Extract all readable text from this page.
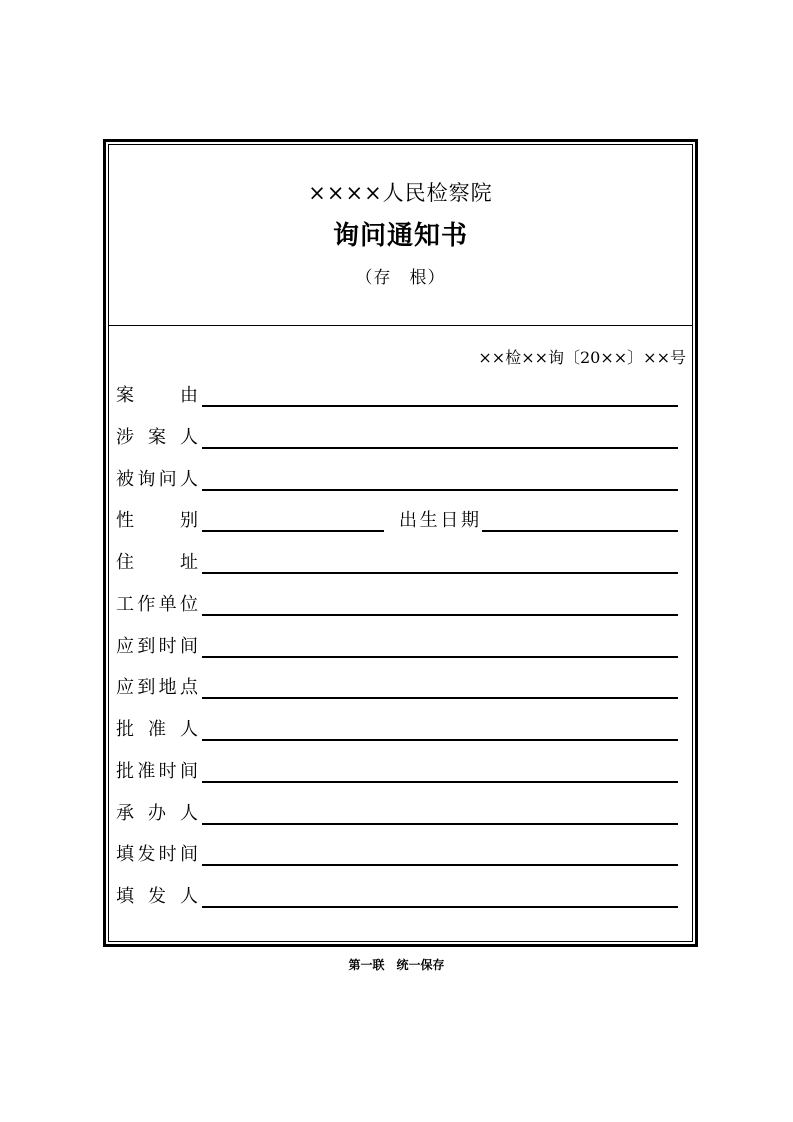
××××人民检察院
询问通知书
（存　根）
××检××询〔20××〕××号
案	由
涉 案 人
被 询 问 人
性	别	出 生 日 期
住	址
工 作 单 位
应 到 时 间
应 到 地 点
批 准 人
批 准 时 间
承 办 人
填 发 时 间
填 发 人
第一联　统一保存
